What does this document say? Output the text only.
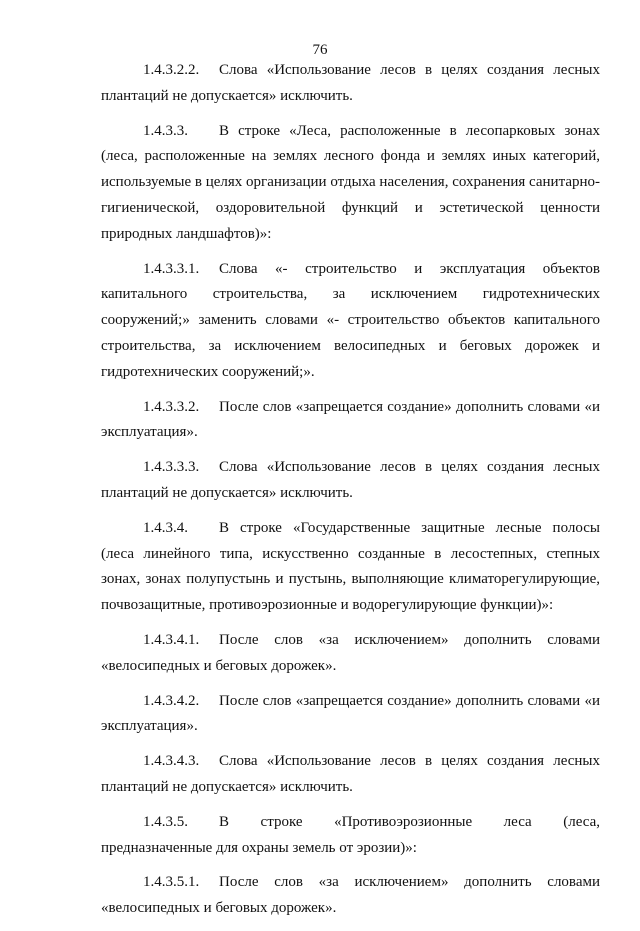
76

1.4.3.2.2. Слова «Использование лесов в целях создания лесных плантаций не допускается» исключить.

1.4.3.3. В строке «Леса, расположенные в лесопарковых зонах (леса, расположенные на землях лесного фонда и землях иных категорий, используемые в целях организации отдыха населения, сохранения санитарно-гигиенической, оздоровительной функций и эстетической ценности природных ландшафтов)»:

1.4.3.3.1. Слова «- строительство и эксплуатация объектов капитального строительства, за исключением гидротехнических сооружений;» заменить словами «- строительство объектов капитального строительства, за исключением велосипедных и беговых дорожек и гидротехнических сооружений;».

1.4.3.3.2. После слов «запрещается создание» дополнить словами «и эксплуатация».

1.4.3.3.3. Слова «Использование лесов в целях создания лесных плантаций не допускается» исключить.

1.4.3.4. В строке «Государственные защитные лесные полосы (леса линейного типа, искусственно созданные в лесостепных, степных зонах, зонах полупустынь и пустынь, выполняющие климаторегулирующие, почвозащитные, противоэрозионные и водорегулирующие функции)»:

1.4.3.4.1. После слов «за исключением» дополнить словами «велосипедных и беговых дорожек».

1.4.3.4.2. После слов «запрещается создание» дополнить словами «и эксплуатация».

1.4.3.4.3. Слова «Использование лесов в целях создания лесных плантаций не допускается» исключить.

1.4.3.5. В строке «Противоэрозионные леса (леса, предназначенные для охраны земель от эрозии)»:

1.4.3.5.1. После слов «за исключением» дополнить словами «велосипедных и беговых дорожек».
